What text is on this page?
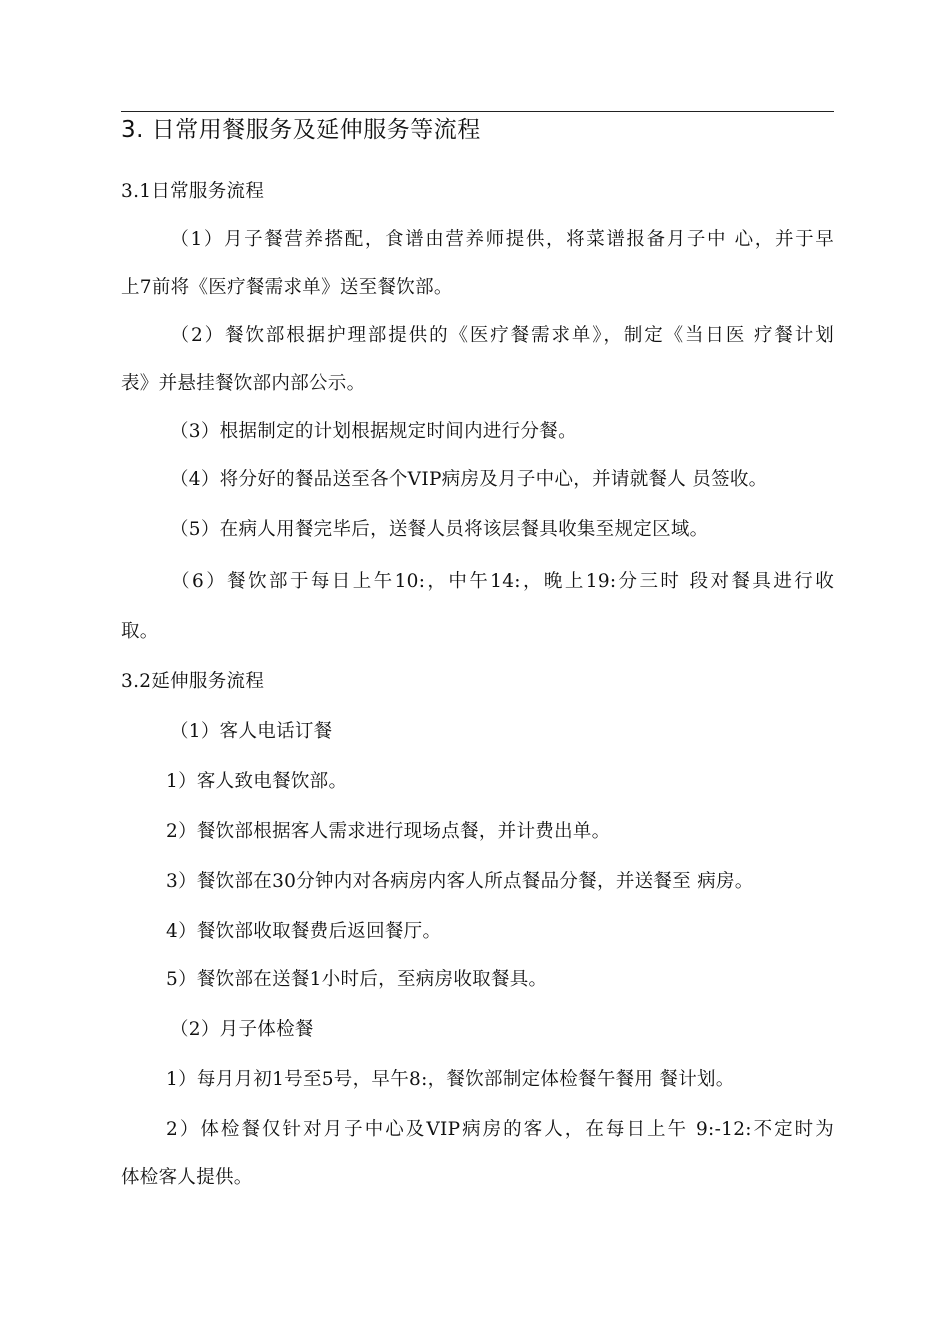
3. 日常用餐服务及延伸服务等流程
3.1日常服务流程
（1）月子餐营养搭配，食谱由营养师提供，将菜谱报备月子中 心，并于早
上7前将《医疗餐需求单》送至餐饮部。
（2）餐饮部根据护理部提供的《医疗餐需求单》，制定《当日医 疗餐计划
表》并悬挂餐饮部内部公示。
（3）根据制定的计划根据规定时间内进行分餐。
（4）将分好的餐品送至各个VIP病房及月子中心，并请就餐人 员签收。
（5）在病人用餐完毕后，送餐人员将该层餐具收集至规定区域。
（6）餐饮部于每日上午10:，中午14:，晚上19:分三时 段对餐具进行收
取。
3.2延伸服务流程
（1）客人电话订餐
1）客人致电餐饮部。
2）餐饮部根据客人需求进行现场点餐，并计费出单。
3）餐饮部在30分钟内对各病房内客人所点餐品分餐，并送餐至 病房。
4）餐饮部收取餐费后返回餐厅。
5）餐饮部在送餐1小时后，至病房收取餐具。
（2）月子体检餐
1）每月月初1号至5号，早午8:，餐饮部制定体检餐午餐用 餐计划。
2）体检餐仅针对月子中心及VIP病房的客人，在每日上午 9:-12:不定时为
体检客人提供。
